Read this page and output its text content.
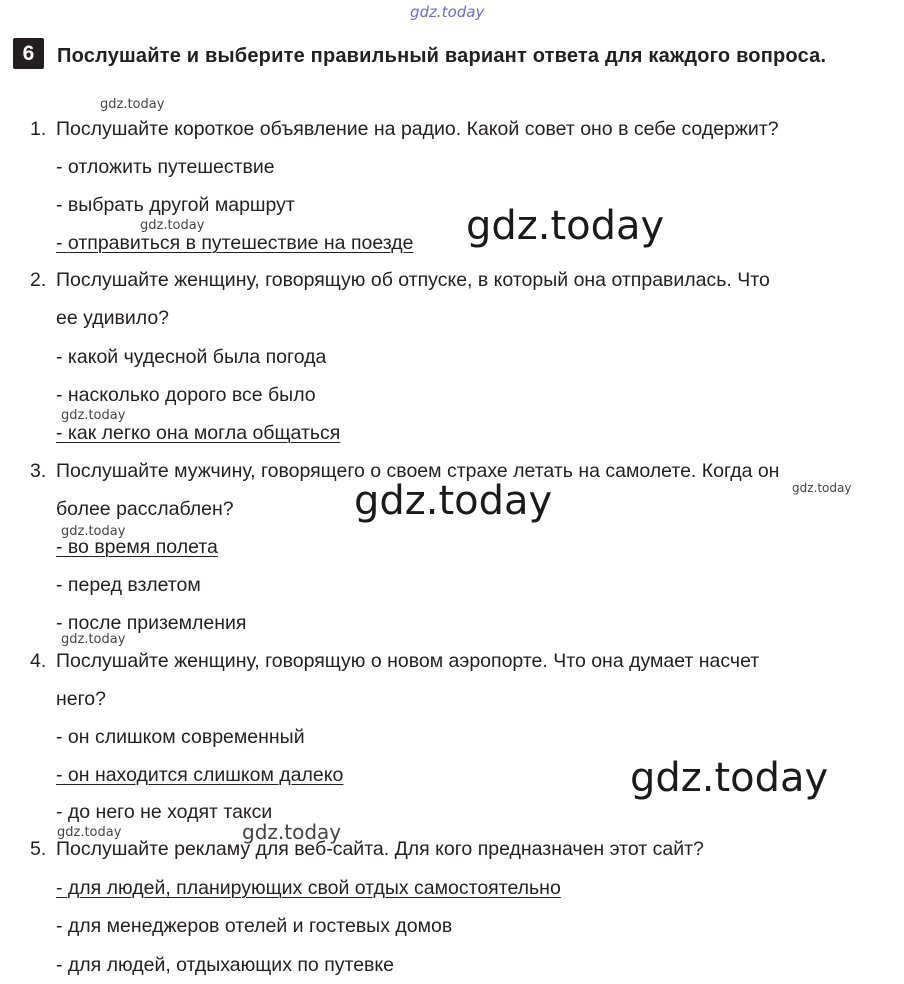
gdz.today
gdz.today
gdz.today	gdz.today
gdz.today
gdz.today
gdz.today
gdz.today
gdz.today
gdz.today
gdz.today	gdz.today
6	Послушайте и выберите правильный вариант ответа для каждого вопроса.
1. Послушайте короткое объявление на радио. Какой совет оно в себе содержит?
- отложить путешествие
- выбрать другой маршрут
- отправиться в путешествие на поезде
2. Послушайте женщину, говорящую об отпуске, в который она отправилась. Что
ее удивило?
- какой чудесной была погода
- насколько дорого все было
- как легко она могла общаться
3. Послушайте мужчину, говорящего о своем страхе летать на самолете. Когда он
более расслаблен?
- во время полета
- перед взлетом
- после приземления
4. Послушайте женщину, говорящую о новом аэропорте. Что она думает насчет
него?
- он слишком современный
- он находится слишком далеко
- до него не ходят такси
5. Послушайте рекламу для веб-сайта. Для кого предназначен этот сайт?
- для людей, планирующих свой отдых самостоятельно
- для менеджеров отелей и гостевых домов
- для людей, отдыхающих по путевке
